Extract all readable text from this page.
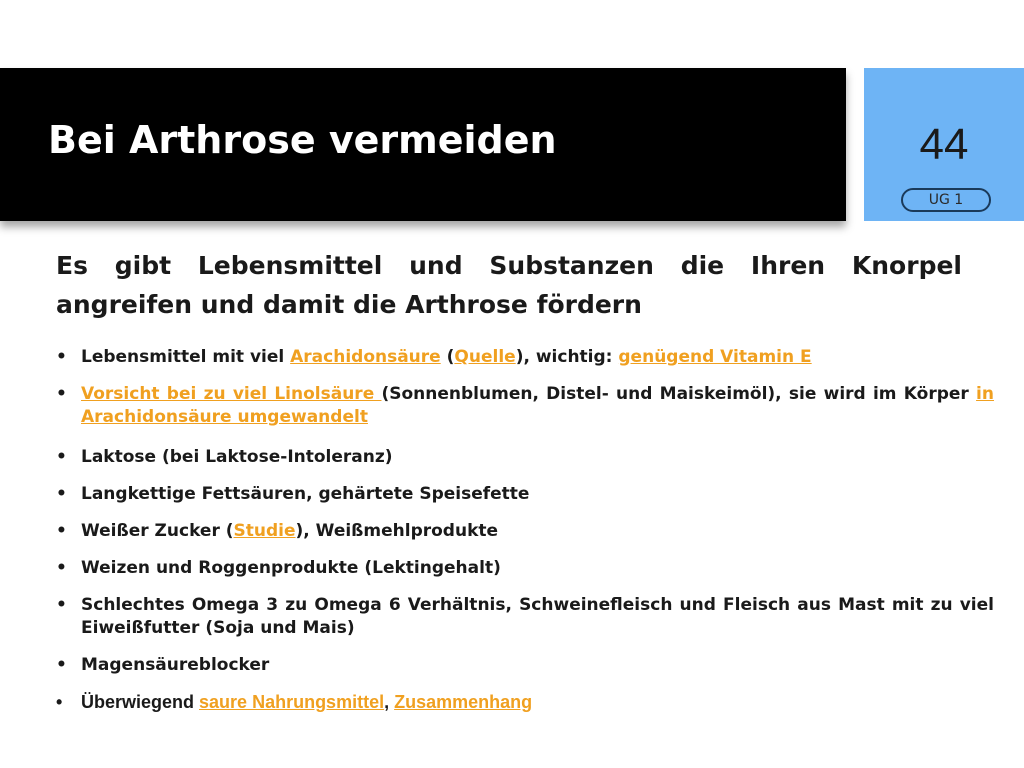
Bei Arthrose vermeiden	44
UG 1

Es gibt Lebensmittel und Substanzen die Ihren Knorpel angreifen und damit die Arthrose fördern

• Lebensmittel mit viel Arachidonsäure (Quelle), wichtig: genügend Vitamin E
• Vorsicht bei zu viel Linolsäure (Sonnenblumen, Distel- und Maiskeimöl), sie wird im Körper in Arachidonsäure umgewandelt
• Laktose (bei Laktose-Intoleranz)
• Langkettige Fettsäuren, gehärtete Speisefette
• Weißer Zucker (Studie), Weißmehlprodukte
• Weizen und Roggenprodukte (Lektingehalt)
• Schlechtes Omega 3 zu Omega 6 Verhältnis, Schweinefleisch und Fleisch aus Mast mit zu viel Eiweißfutter (Soja und Mais)
• Magensäureblocker
• Überwiegend saure Nahrungsmittel, Zusammenhang
